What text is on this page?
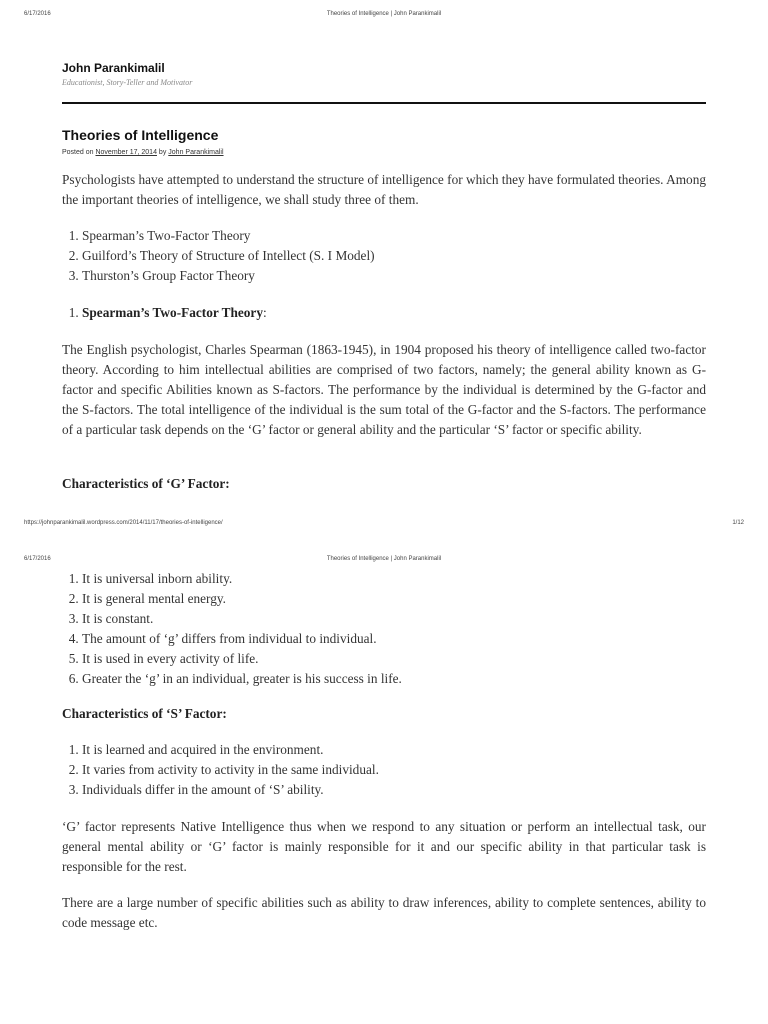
6/17/2016	Theories of Intelligence | John Parankimalil
John Parankimalil
Educationist, Story-Teller and Motivator
Theories of Intelligence
Posted on November 17, 2014 by John Parankimalil

Psychologists have attempted to understand the structure of intelligence for which they have formulated theories. Among the important theories of intelligence, we shall study three of them.

1. Spearman’s Two-Factor Theory
2. Guilford’s Theory of Structure of Intellect (S. I Model)
3. Thurston’s Group Factor Theory
1. Spearman’s Two-Factor Theory:

The English psychologist, Charles Spearman (1863-1945), in 1904 proposed his theory of intelligence called two-factor theory. According to him intellectual abilities are comprised of two factors, namely; the general ability known as G-factor and specific Abilities known as S-factors. The performance by the individual is determined by the G-factor and the S-factors. The total intelligence of the individual is the sum total of the G-factor and the S-factors. The performance of a particular task depends on the ‘G’ factor or general ability and the particular ‘S’ factor or specific ability.

Characteristics of ‘G’ Factor:
https://johnparankimalil.wordpress.com/2014/11/17/theories-of-intelligence/	1/12
6/17/2016	Theories of Intelligence | John Parankimalil
1. It is universal inborn ability.
2. It is general mental energy.
3. It is constant.
4. The amount of ‘g’ differs from individual to individual.
5. It is used in every activity of life.
6. Greater the ‘g’ in an individual, greater is his success in life.
Characteristics of ‘S’ Factor:
1. It is learned and acquired in the environment.
2. It varies from activity to activity in the same individual.
3. Individuals differ in the amount of ‘S’ ability.

‘G’ factor represents Native Intelligence thus when we respond to any situation or perform an intellectual task, our general mental ability or ‘G’ factor is mainly responsible for it and our specific ability in that particular task is responsible for the rest.

There are a large number of specific abilities such as ability to draw inferences, ability to complete sentences, ability to code message etc.
